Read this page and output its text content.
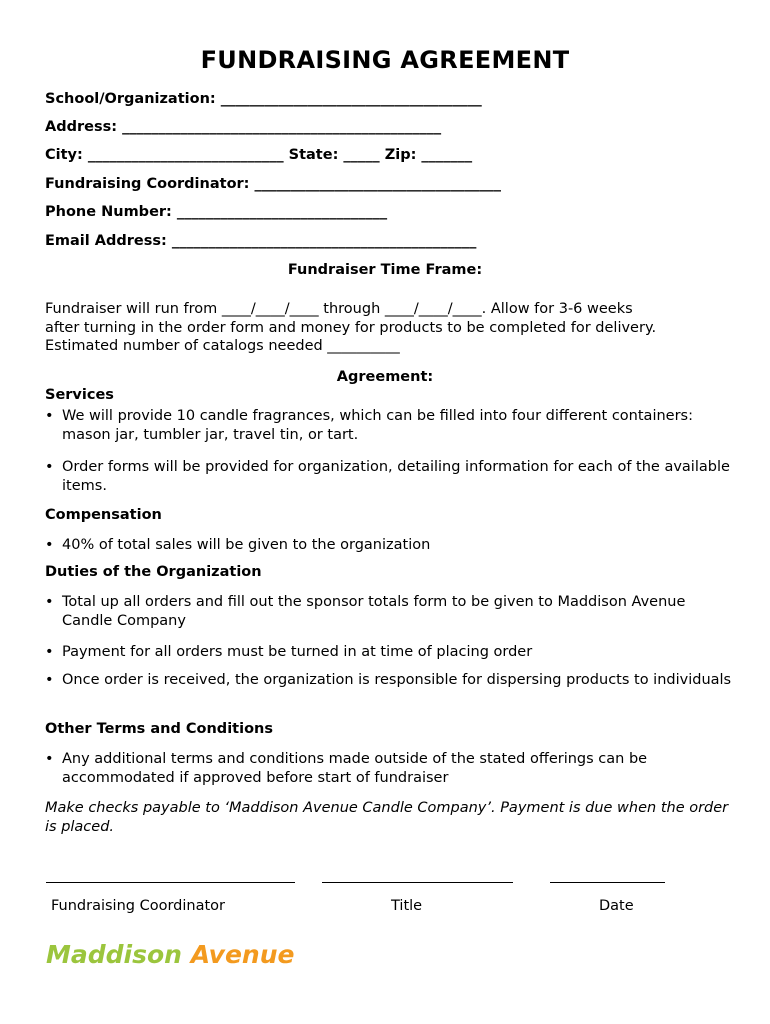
FUNDRAISING AGREEMENT
School/Organization: ____________________________________
Address: ____________________________________________
City: ___________________________ State: _____ Zip: _______
Fundraising Coordinator: __________________________________
Phone Number: _____________________________
Email Address: __________________________________________
Fundraiser Time Frame:
Fundraiser will run from ____/____/____ through ____/____/____. Allow for 3-6 weeks
after turning in the order form and money for products to be completed for delivery.
Estimated number of catalogs needed __________
Agreement:
Services
• We will provide 10 candle fragrances, which can be filled into four different containers: mason jar, tumbler jar, travel tin, or tart.
• Order forms will be provided for organization, detailing information for each of the available items.
Compensation
• 40% of total sales will be given to the organization
Duties of the Organization
• Total up all orders and fill out the sponsor totals form to be given to Maddison Avenue Candle Company
• Payment for all orders must be turned in at time of placing order
• Once order is received, the organization is responsible for dispersing products to individuals
Other Terms and Conditions
• Any additional terms and conditions made outside of the stated offerings can be accommodated if approved before start of fundraiser
Make checks payable to ‘Maddison Avenue Candle Company’. Payment is due when the order is placed.
Fundraising Coordinator	Title	Date
Maddison Avenue
